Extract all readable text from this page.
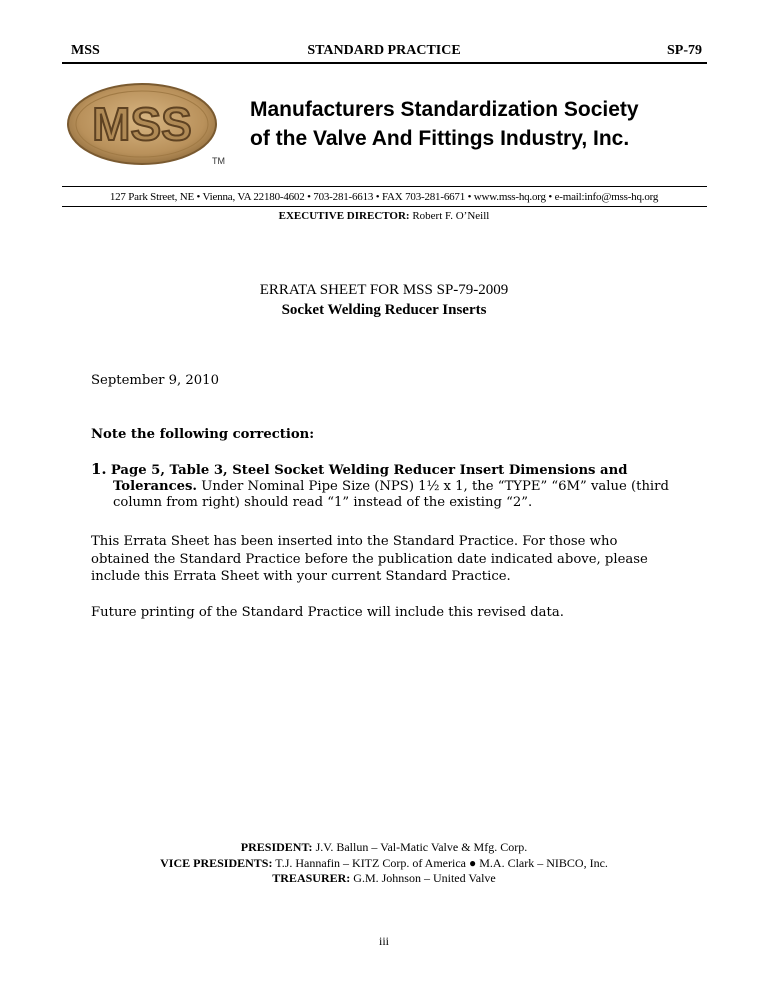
MSS	STANDARD PRACTICE	SP-79
MSS
TM
Manufacturers Standardization Society
of the Valve And Fittings Industry, Inc.
127 Park Street, NE • Vienna, VA 22180-4602 • 703-281-6613 • FAX 703-281-6671 • www.mss-hq.org • e-mail:info@mss-hq.org
EXECUTIVE DIRECTOR: Robert F. O’Neill
ERRATA SHEET FOR MSS SP-79-2009
Socket Welding Reducer Inserts
September 9, 2010
Note the following correction:
1. Page 5, Table 3, Steel Socket Welding Reducer Insert Dimensions and
Tolerances. Under Nominal Pipe Size (NPS) 1½ x 1, the “TYPE” “6M” value (third
column from right) should read “1” instead of the existing “2”.
This Errata Sheet has been inserted into the Standard Practice. For those who
obtained the Standard Practice before the publication date indicated above, please
include this Errata Sheet with your current Standard Practice.
Future printing of the Standard Practice will include this revised data.
PRESIDENT: J.V. Ballun – Val-Matic Valve & Mfg. Corp.
VICE PRESIDENTS: T.J. Hannafin – KITZ Corp. of America ● M.A. Clark – NIBCO, Inc.
TREASURER: G.M. Johnson – United Valve
iii
